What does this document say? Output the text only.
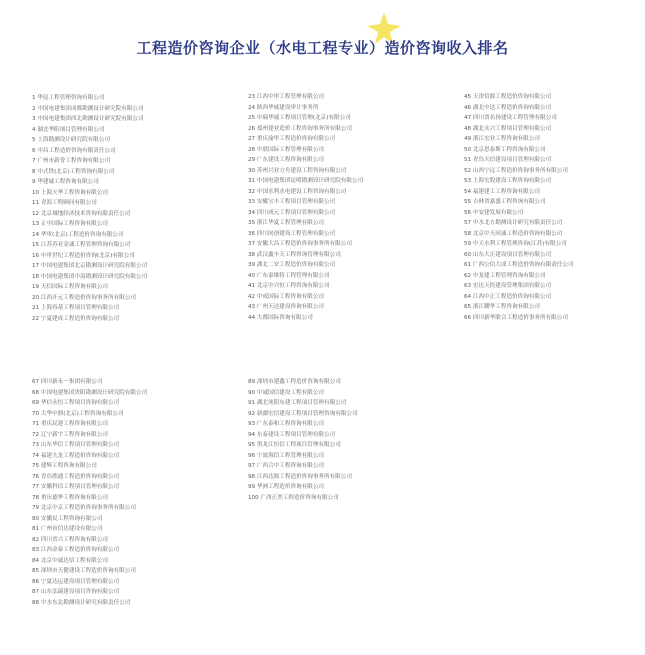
工程造价咨询企业（水电工程专业）造价咨询收入排名
1 华昆工程管理咨询有限公司
2 中国电建集团成都勘测设计研究院有限公司
3 中国电建集团西北勘测设计研究院有限公司
4 湖北华阳项目管理有限公司
5 上海勘测设计研究院有限公司
6 中昌工程造价咨询有限责任公司
7 广州市新誉工程咨询有限公司
8 中式铁(北京)工程咨询有限公司
9 华建诚工程咨询有限公司
10 上海天华工程咨询有限公司
11 青海工程顾问有限公司
12 北京城地经济技术咨询有限责任公司
13 正中国际工程咨询有限公司
14 华审(北京)工程造价咨询有限公司
15 江苏苏亚金诚工程管理咨询有限公司
16 中审世纪工程造价咨询(北京)有限公司
17 中国电建集团北京勘测设计研究院有限公司
18 中国电建集团中南勘测设计研究院有限公司
19 天信国际工程咨询有限公司
20 江西开元工程造价咨询事务所有限公司
21 上海容基工程项目管理有限公司
22 宁夏建成工程造价咨询有限公司
23 江西中审工程管理有限公司
24 陕西华威建设审计事务所
25 中瑞华诚工程项目管理(北京)有限公司
26 郑州建业造价工程咨询事务所有限公司
27 重庆渝审工程造价咨询有限公司
28 中联国际工程管理有限公司
29 广东建设工程咨询有限公司
30 苏州兴业方舟建设工程咨询有限公司
31 中国电建集团昆明勘测设计研究院有限公司
32 中国水利水电建设工程咨询有限公司
33 安徽宝丰工程项目管理有限公司
34 四川成元工程项目管理有限公司
35 浙江华夏工程管理有限公司
36 四川同创建设工程管理有限公司
37 安徽大昌工程造价咨询事务所有限公司
38 武汉鑫丰天工程咨询管理有限公司
39 湖北二安工程造价咨询有限公司
40 广东泰维特工程管理有限公司
41 北京中兴恒工程咨询有限公司
42 中成国际工程咨询有限公司
43 广州天达建设咨询有限公司
44 大都国际咨询有限公司
45 天津信源工程造价咨询有限公司
46 湖北中达工程造价咨询有限公司
47 四川省名扬建设工程管理有限公司
48 湖北永兴工程项目管理有限公司
49 浙江宏业工程咨询有限公司
50 北京思泰斯工程咨询有限公司
51 青岛天信建设项目管理有限公司
52 山西宁远工程造价咨询事务所有限公司
53 上海宏殷建设工程咨询有限公司
54 福建建工工程咨询有限公司
55 吉林省嘉盛工程咨询有限公司
56 中安建发展有限公司
57 中水北方勘测设计研究有限责任公司
58 北京中天同诚工程造价咨询有限公司
59 中天水利工程管理咨询(江苏)有限公司
60 山东大正建设项目管理有限公司
61 广西公信大成工程造价咨询有限责任公司
62 中龙建工程管理咨询有限公司
63 宏达天投建设管理集团有限公司
64 江西中正工程造价咨询有限公司
65 浙江耀华工程咨询有限公司
66 四川新华联合工程造价事务所有限公司
67 四川新永一集团有限公司
68 中国电建集团贵阳勘测设计研究院有限公司
69 华信永恒工程项目咨询有限公司
70 大华中鼎(北京)工程咨询有限公司
71 重庆民建工程咨询有限公司
72 辽宁新宇工程咨询有限公司
73 山东华信工程项目管理有限公司
74 福建九龙工程造价咨询有限公司
75 建辉工程咨询有限公司
76 青岛胜通工程造价咨询有限公司
77 安徽科信工程项目管理有限公司
78 重庆德华工程咨询有限公司
79 北京中京工程造价咨询事务所有限公司
80 安徽民工程咨询有限公司
81 广州市信达建设有限公司
82 四川省兴工程咨询有限公司
83 江西金泰工程造价咨询有限公司
84 北京中诚达信工程有限公司
85 深圳市天健建设工程造价咨询有限公司
86 宁夏达运建设项目管理有限公司
87 山东弘瑞建设项目咨询有限公司
88 中水东北勘测设计研究有限责任公司
89 深圳市建鑫工程造价咨询有限公司
90 中诚国信建设工程有限公司
91 湖北沌阳东建工程项目管理有限公司
92 新疆宏信建设工程项目管理咨询有限公司
93 广东泰和工程咨询有限公司
94 东泰建设工程项目管理有限公司
95 黑龙江恒信工程项目管理有限公司
96 宁波海信工程管理有限公司
97 广西合中工程咨询有限公司
98 江西达源工程造价咨询事务所有限公司
99 华洲工程造价咨询有限公司
100 广西正然工程造价咨询有限公司
